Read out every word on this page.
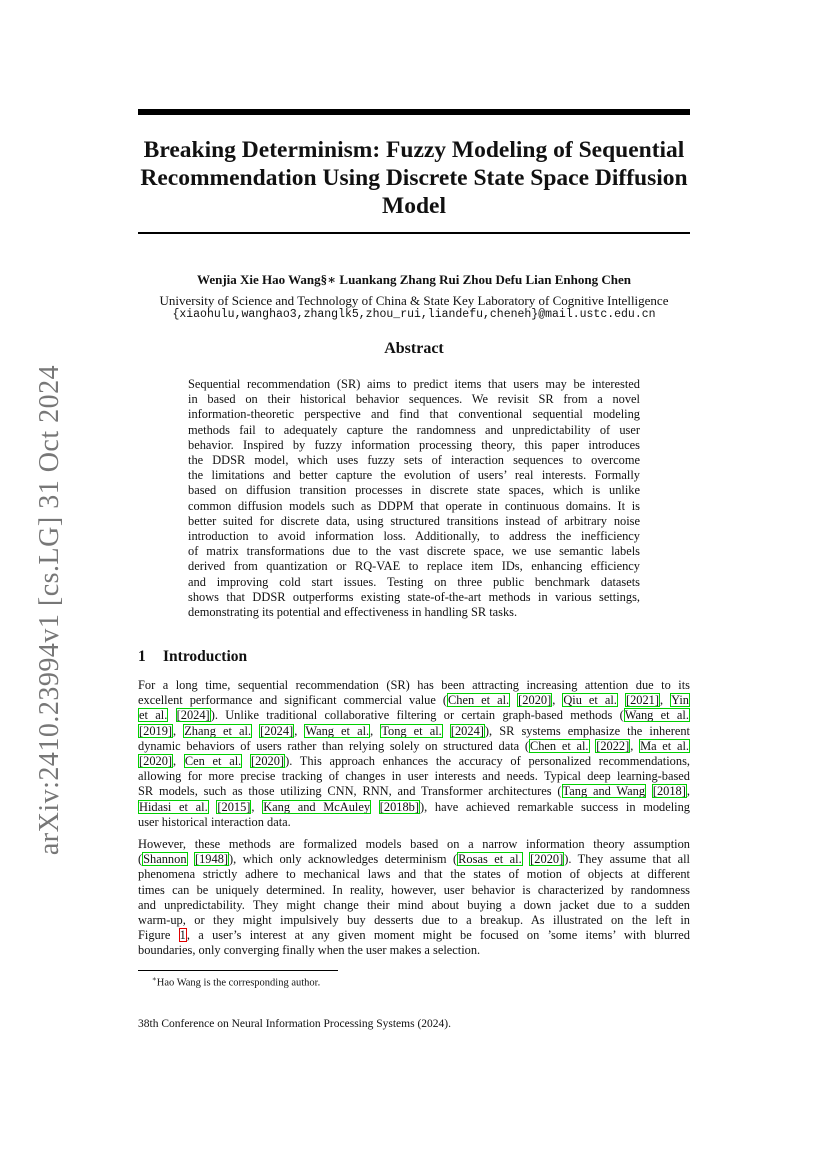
arXiv:2410.23994v1 [cs.LG] 31 Oct 2024
Breaking Determinism: Fuzzy Modeling of Sequential
Recommendation Using Discrete State Space Diffusion
Model
Wenjia Xie Hao Wang§∗ Luankang Zhang Rui Zhou Defu Lian Enhong Chen
University of Science and Technology of China & State Key Laboratory of Cognitive Intelligence
{xiaohulu,wanghao3,zhanglk5,zhou_rui,liandefu,cheneh}@mail.ustc.edu.cn
Abstract
Sequential recommendation (SR) aims to predict items that users may be interested
in based on their historical behavior sequences. We revisit SR from a novel
information-theoretic perspective and find that conventional sequential modeling
methods fail to adequately capture the randomness and unpredictability of user
behavior. Inspired by fuzzy information processing theory, this paper introduces
the DDSR model, which uses fuzzy sets of interaction sequences to overcome
the limitations and better capture the evolution of users’ real interests. Formally
based on diffusion transition processes in discrete state spaces, which is unlike
common diffusion models such as DDPM that operate in continuous domains. It is
better suited for discrete data, using structured transitions instead of arbitrary noise
introduction to avoid information loss. Additionally, to address the inefficiency
of matrix transformations due to the vast discrete space, we use semantic labels
derived from quantization or RQ-VAE to replace item IDs, enhancing efficiency
and improving cold start issues. Testing on three public benchmark datasets
shows that DDSR outperforms existing state-of-the-art methods in various settings,
demonstrating its potential and effectiveness in handling SR tasks.
1 Introduction
For a long time, sequential recommendation (SR) has been attracting increasing attention due to its
excellent performance and significant commercial value (Chen et al. [2020], Qiu et al. [2021], Yin
et al. [2024]). Unlike traditional collaborative filtering or certain graph-based methods (Wang et al.
[2019], Zhang et al. [2024], Wang et al., Tong et al. [2024]), SR systems emphasize the inherent
dynamic behaviors of users rather than relying solely on structured data (Chen et al. [2022], Ma et al.
[2020], Cen et al. [2020]). This approach enhances the accuracy of personalized recommendations,
allowing for more precise tracking of changes in user interests and needs. Typical deep learning-based
SR models, such as those utilizing CNN, RNN, and Transformer architectures (Tang and Wang [2018],
Hidasi et al. [2015], Kang and McAuley [2018b]), have achieved remarkable success in modeling
user historical interaction data.
However, these methods are formalized models based on a narrow information theory assumption
(Shannon [1948]), which only acknowledges determinism (Rosas et al. [2020]). They assume that all
phenomena strictly adhere to mechanical laws and that the states of motion of objects at different
times can be uniquely determined. In reality, however, user behavior is characterized by randomness
and unpredictability. They might change their mind about buying a down jacket due to a sudden
warm-up, or they might impulsively buy desserts due to a breakup. As illustrated on the left in
Figure 1, a user’s interest at any given moment might be focused on ’some items’ with blurred
boundaries, only converging finally when the user makes a selection.
∗Hao Wang is the corresponding author.
38th Conference on Neural Information Processing Systems (2024).
